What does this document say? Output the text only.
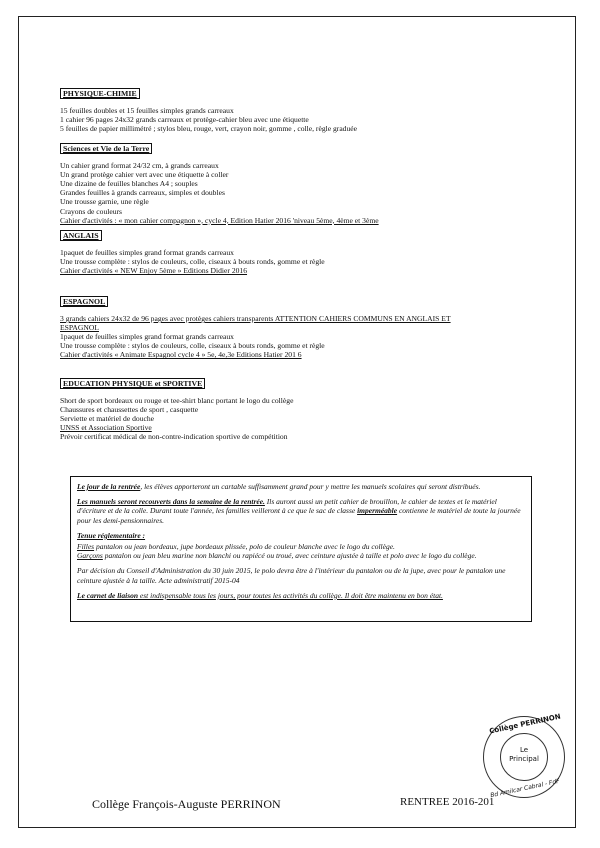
PHYSIQUE-CHIMIE
15 feuilles doubles et 15 feuilles simples grands carreaux
1 cahier 96 pages 24x32 grands carreaux et protège-cahier bleu avec une étiquette
5 feuilles de papier millimétré ; stylos bleu, rouge, vert, crayon noir, gomme , colle, règle graduée
Sciences et Vie de la Terre
Un cahier grand format 24/32 cm, à grands carreaux
Un grand protège cahier vert avec une étiquette à coller
Une dizaine de feuilles blanches A4 ; souples
Grandes feuilles à grands carreaux, simples et doubles
Une trousse garnie, une règle
Crayons de couleurs
Cahier d'activités : « mon cahier compagnon », cycle 4, Edition Hatier 2016 'niveau 5ème, 4ème et 3ème
ANGLAIS
1paquet de feuilles simples grand format grands carreaux
Une trousse complète : stylos de couleurs, colle, ciseaux à bouts ronds, gomme et règle
Cahier d'activités « NEW Enjoy 5ème » Editions Didier 2016
ESPAGNOL
3 grands cahiers 24x32 de 96 pages avec protèges cahiers transparents ATTENTION CAHIERS COMMUNS EN ANGLAIS ET
ESPAGNOL
1paquet de feuilles simples grand format grands carreaux
Une trousse complète : stylos de couleurs, colle, ciseaux à bouts ronds, gomme et règle
Cahier d'activités « Animate Espagnol cycle 4 » 5e, 4e,3e Editions Hatier 201 6
EDUCATION PHYSIQUE et SPORTIVE
Short de sport bordeaux ou rouge et tee-shirt blanc portant le logo du collège
Chaussures et chaussettes de sport , casquette
Serviette et matériel de douche
UNSS et Association Sportive
Prévoir certificat médical de non-contre-indication sportive de compétition

Le jour de la rentrée, les élèves apporteront un cartable suffisamment grand pour y mettre les manuels scolaires qui seront distribués.

Les manuels seront recouverts dans la semaine de la rentrée. Ils auront aussi un petit cahier de brouillon, le cahier de textes et le matériel d'écriture et de la colle. Durant toute l'année, les familles veilleront à ce que le sac de classe imperméable contienne le matériel de toute la journée pour les demi-pensionnaires.

Tenue réglementaire :

Filles pantalon ou jean bordeaux, jupe bordeaux plissée, polo de couleur blanche avec le logo du collège.

Garçons pantalon ou jean bleu marine non blanchi ou rapiécé ou troué, avec ceinture ajustée à taille et polo avec le logo du collège.

Par décision du Conseil d'Administration du 30 juin 2015, le polo devra être à l'intérieur du pantalon ou de la jupe, avec pour le pantalon une ceinture ajustée à la taille. Acte administratif 2015-04

Le carnet de liaison est indispensable tous les jours, pour toutes les activités du collège. Il doit être maintenu en bon état.

Collège PERRINON
Le
Principal
Bd Amilcar Cabral - FdF
Collège François-Auguste PERRINON	RENTREE 2016-201
